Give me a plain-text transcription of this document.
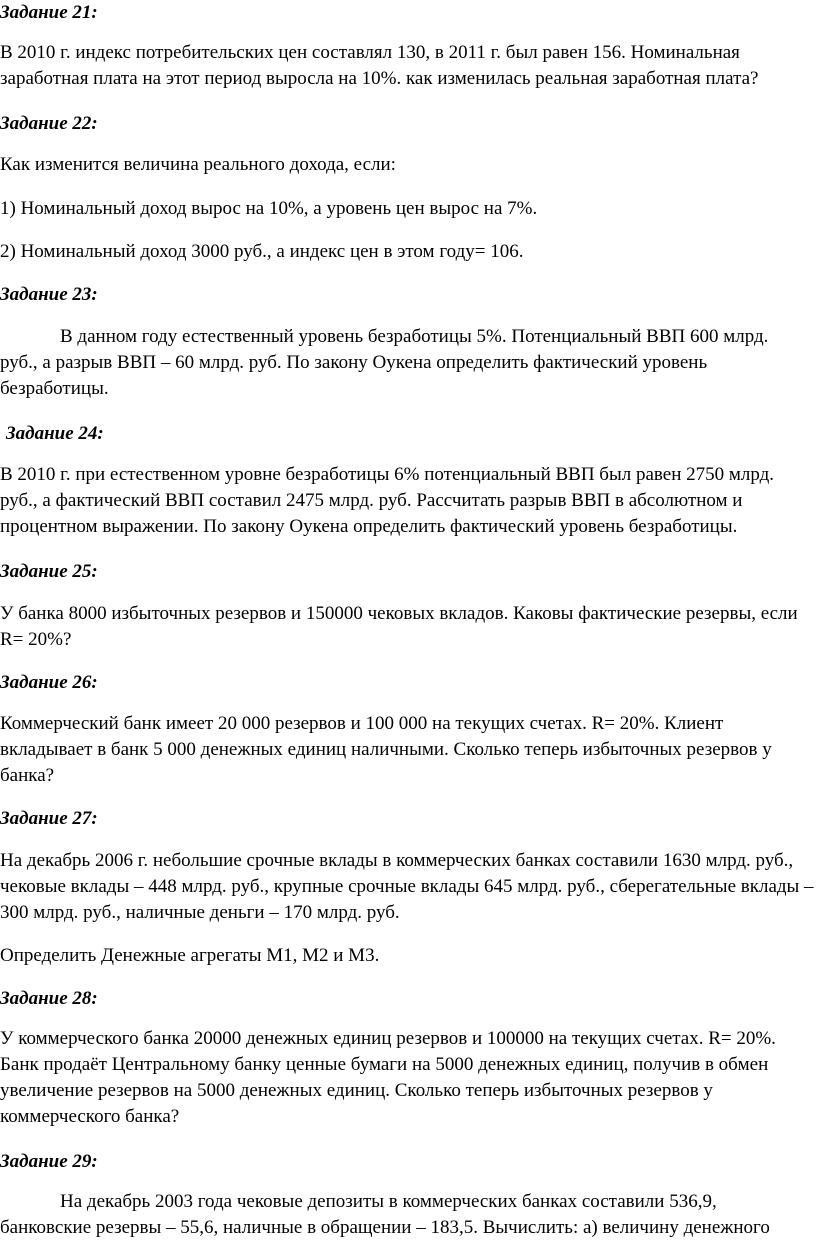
Задание 21:
В 2010 г. индекс потребительских цен составлял 130, в 2011 г. был равен 156. Номинальная заработная плата на этот период выросла на 10%. как изменилась реальная заработная плата?
Задание 22:
Как изменится величина реального дохода, если:
1) Номинальный доход вырос на 10%, а уровень цен вырос на 7%.
2) Номинальный доход 3000 руб., а индекс цен в этом году= 106.
Задание 23:
В данном году естественный уровень безработицы 5%. Потенциальный ВВП 600 млрд. руб., а разрыв ВВП – 60 млрд. руб. По закону Оукена определить фактический уровень безработицы.
Задание 24:
В 2010 г. при естественном уровне безработицы 6% потенциальный ВВП был равен 2750 млрд. руб., а фактический ВВП составил 2475 млрд. руб. Рассчитать разрыв ВВП в абсолютном и процентном выражении. По закону Оукена определить фактический уровень безработицы.
Задание 25:
У банка 8000 избыточных резервов и 150000 чековых вкладов. Каковы фактические резервы, если R= 20%?
Задание 26:
Коммерческий банк имеет 20 000 резервов и 100 000 на текущих счетах. R= 20%. Клиент вкладывает в банк 5 000 денежных единиц наличными. Сколько теперь избыточных резервов у банка?
Задание 27:
На декабрь 2006 г. небольшие срочные вклады в коммерческих банках составили 1630 млрд. руб., чековые вклады – 448 млрд. руб., крупные срочные вклады 645 млрд. руб., сберегательные вклады – 300 млрд. руб., наличные деньги – 170 млрд. руб.
Определить Денежные агрегаты М1, М2 и М3.
Задание 28:
У коммерческого банка 20000 денежных единиц резервов и 100000 на текущих счетах. R= 20%. Банк продаёт Центральному банку ценные бумаги на 5000 денежных единиц, получив в обмен увеличение резервов на 5000 денежных единиц. Сколько теперь избыточных резервов у коммерческого банка?
Задание 29:
На декабрь 2003 года чековые депозиты в коммерческих банках составили 536,9, банковские резервы – 55,6, наличные в обращении – 183,5. Вычислить: а) величину денежного
